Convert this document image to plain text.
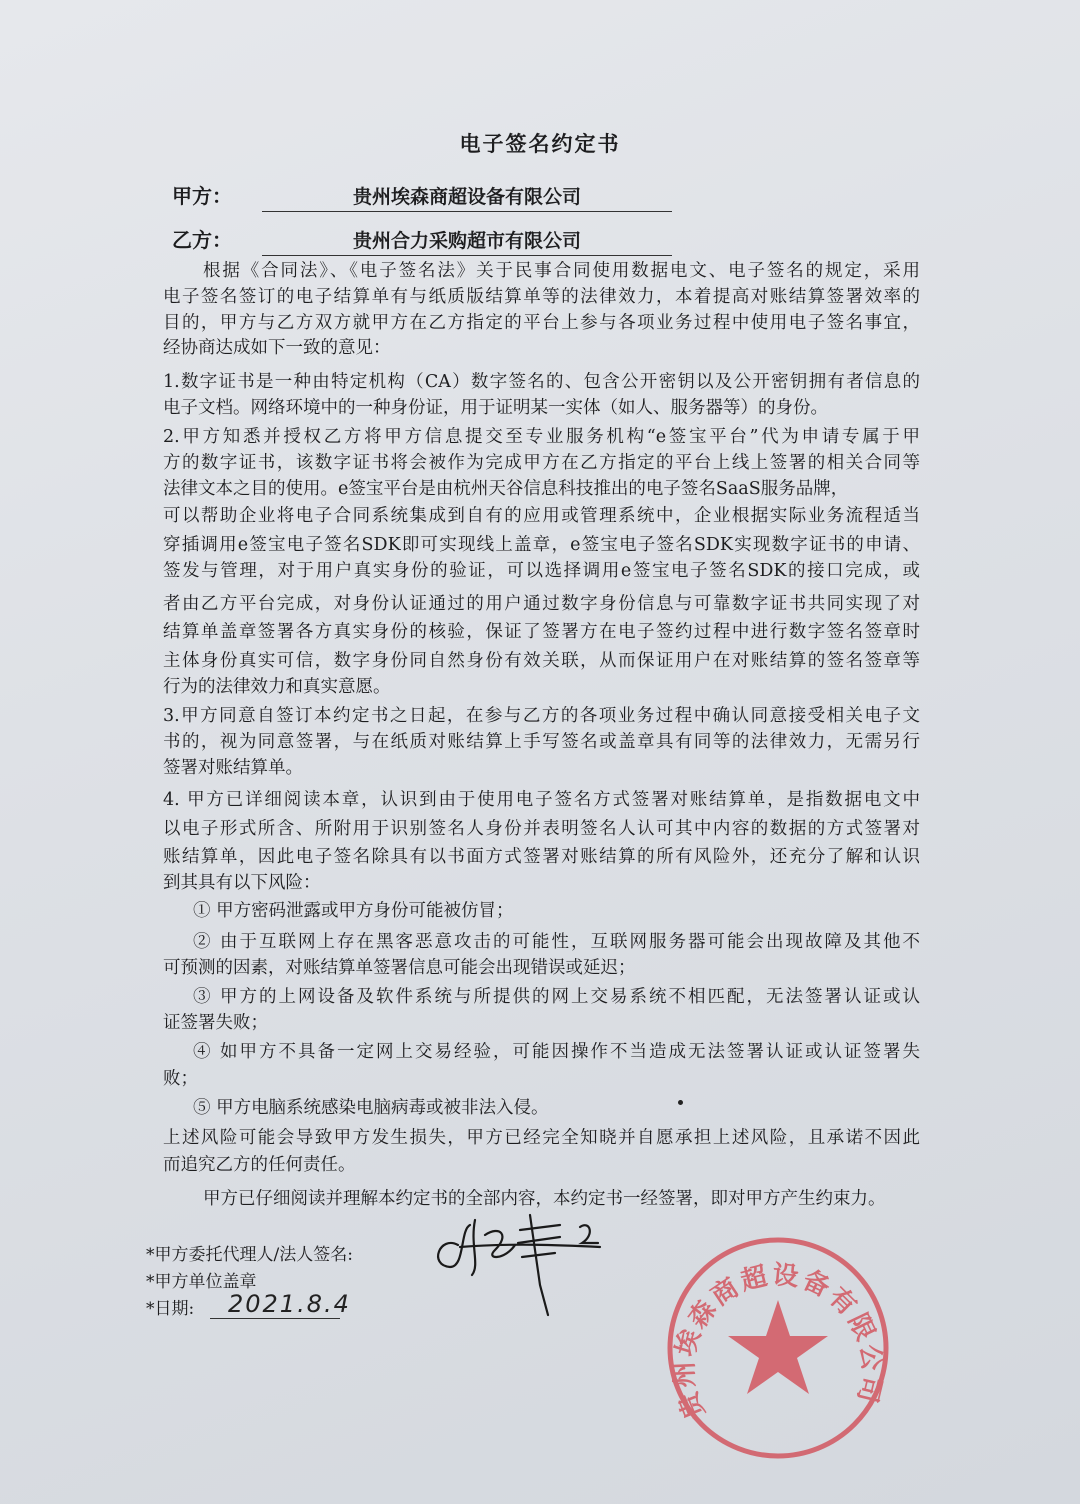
电子签名约定书
甲方：	贵州埃森商超设备有限公司
乙方：	贵州合力采购超市有限公司
根据《合同法》、《电子签名法》关于民事合同使用数据电文、电子签名的规定，采用
电子签名签订的电子结算单有与纸质版结算单等的法律效力，本着提高对账结算签署效率的
目的，甲方与乙方双方就甲方在乙方指定的平台上参与各项业务过程中使用电子签名事宜，
经协商达成如下一致的意见：
1.数字证书是一种由特定机构（CA）数字签名的、包含公开密钥以及公开密钥拥有者信息的
电子文档。网络环境中的一种身份证，用于证明某一实体（如人、服务器等）的身份。
2.甲方知悉并授权乙方将甲方信息提交至专业服务机构“e签宝平台”代为申请专属于甲
方的数字证书，该数字证书将会被作为完成甲方在乙方指定的平台上线上签署的相关合同等
法律文本之目的使用。e签宝平台是由杭州天谷信息科技推出的电子签名SaaS服务品牌，
可以帮助企业将电子合同系统集成到自有的应用或管理系统中，企业根据实际业务流程适当
穿插调用e签宝电子签名SDK即可实现线上盖章，e签宝电子签名SDK实现数字证书的申请、
签发与管理，对于用户真实身份的验证，可以选择调用e签宝电子签名SDK的接口完成，或
者由乙方平台完成，对身份认证通过的用户通过数字身份信息与可靠数字证书共同实现了对
结算单盖章签署各方真实身份的核验，保证了签署方在电子签约过程中进行数字签名签章时
主体身份真实可信，数字身份同自然身份有效关联，从而保证用户在对账结算的签名签章等
行为的法律效力和真实意愿。
3.甲方同意自签订本约定书之日起，在参与乙方的各项业务过程中确认同意接受相关电子文
书的，视为同意签署，与在纸质对账结算上手写签名或盖章具有同等的法律效力，无需另行
签署对账结算单。
4. 甲方已详细阅读本章，认识到由于使用电子签名方式签署对账结算单，是指数据电文中
以电子形式所含、所附用于识别签名人身份并表明签名人认可其中内容的数据的方式签署对
账结算单，因此电子签名除具有以书面方式签署对账结算的所有风险外，还充分了解和认识
到其具有以下风险：
① 甲方密码泄露或甲方身份可能被仿冒；
② 由于互联网上存在黑客恶意攻击的可能性，互联网服务器可能会出现故障及其他不
可预测的因素，对账结算单签署信息可能会出现错误或延迟；
③ 甲方的上网设备及软件系统与所提供的网上交易系统不相匹配，无法签署认证或认
证签署失败；
④ 如甲方不具备一定网上交易经验，可能因操作不当造成无法签署认证或认证签署失
败；
⑤ 甲方电脑系统感染电脑病毒或被非法入侵。
上述风险可能会导致甲方发生损失，甲方已经完全知晓并自愿承担上述风险，且承诺不因此
而追究乙方的任何责任。
甲方已仔细阅读并理解本约定书的全部内容，本约定书一经签署，即对甲方产生约束力。
贵州埃森商超设备有限公司
*甲方委托代理人/法人签名:
*甲方单位盖章
*日期: 2021.8.4
